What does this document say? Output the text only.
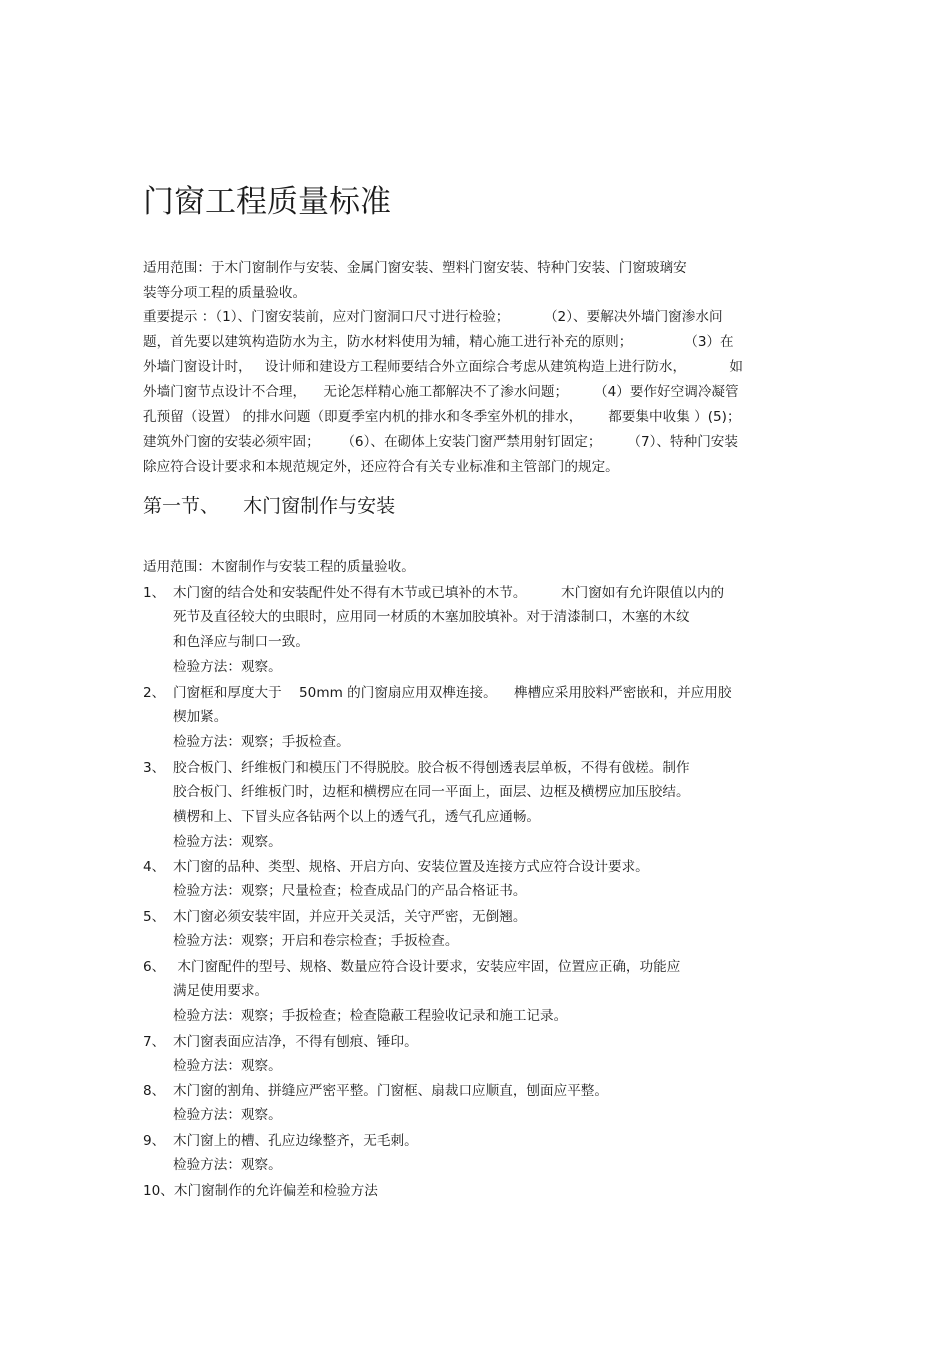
门窗工程质量标准
适用范围：于木门窗制作与安装、金属门窗安装、塑料门窗安装、特种门安装、门窗玻璃安
装等分项工程的质量验收。
重要提示 ：（1）、门窗安装前，应对门窗洞口尺寸进行检验；        （2）、要解决外墙门窗渗水问
题，首先要以建筑构造防水为主，防水材料使用为辅，精心施工进行补充的原则；            （3）在
外墙门窗设计时，   设计师和建设方工程师要结合外立面综合考虑从建筑构造上进行防水，          如
外墙门窗节点设计不合理，    无论怎样精心施工都解决不了渗水问题；      （4）要作好空调冷凝管
孔预留（设置） 的排水问题（即夏季室内机的排水和冬季室外机的排水，      都要集中收集 ）(5)；
建筑外门窗的安装必须牢固；     （6）、在砌体上安装门窗严禁用射钉固定；      （7）、特种门安装
除应符合设计要求和本规范规定外，还应符合有关专业标准和主管部门的规定。
第一节、    木门窗制作与安装
适用范围：木窗制作与安装工程的质量验收。
1、 木门窗的结合处和安装配件处不得有木节或已填补的木节。        木门窗如有允许限值以内的
死节及直径较大的虫眼时，应用同一材质的木塞加胶填补。对于清漆制口，木塞的木纹
和色泽应与制口一致。
检验方法：观察。
2、 门窗框和厚度大于    50mm 的门窗扇应用双榫连接。    榫槽应采用胶料严密嵌和，并应用胶
楔加紧。
检验方法：观察；手扳检查。
3、 胶合板门、纤维板门和模压门不得脱胶。胶合板不得刨透表层单板，不得有戗槎。制作
胶合板门、纤维板门时，边框和横楞应在同一平面上，面层、边框及横楞应加压胶结。
横楞和上、下冒头应各钻两个以上的透气孔，透气孔应通畅。
检验方法：观察。
4、 木门窗的品种、类型、规格、开启方向、安装位置及连接方式应符合设计要求。
检验方法：观察；尺量检查；检查成品门的产品合格证书。
5、 木门窗必须安装牢固，并应开关灵活，关守严密，无倒翘。
检验方法：观察；开启和卷宗检查；手扳检查。
6、 木门窗配件的型号、规格、数量应符合设计要求，安装应牢固，位置应正确，功能应
满足使用要求。
检验方法：观察；手扳检查；检查隐蔽工程验收记录和施工记录。
7、 木门窗表面应洁净，不得有刨痕、锤印。
检验方法：观察。
8、 木门窗的割角、拼缝应严密平整。门窗框、扇裁口应顺直，刨面应平整。
检验方法：观察。
9、 木门窗上的槽、孔应边缘整齐，无毛刺。
检验方法：观察。
10、木门窗制作的允许偏差和检验方法
